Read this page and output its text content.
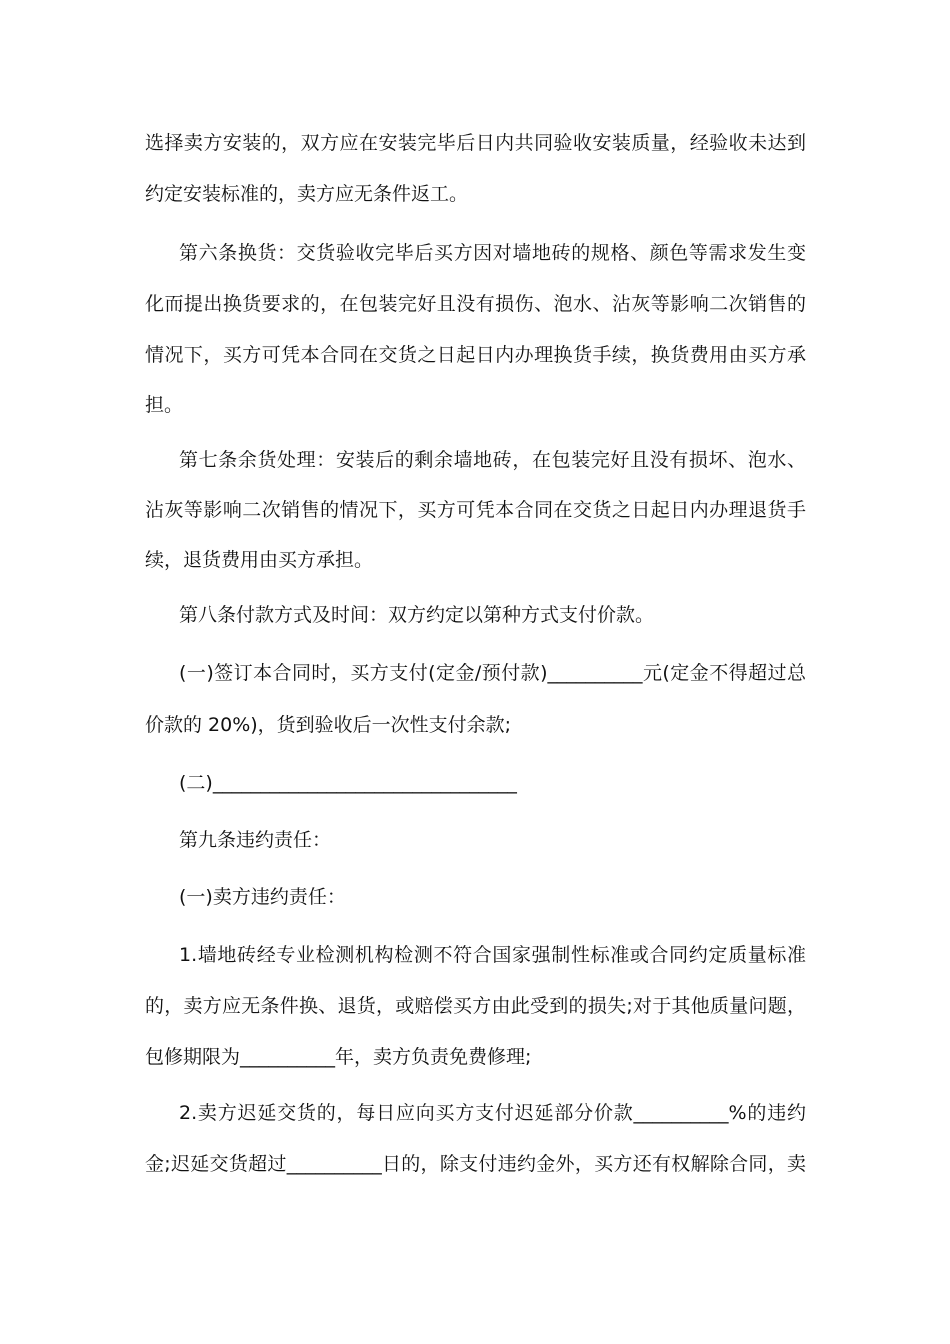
选择卖方安装的，双方应在安装完毕后日内共同验收安装质量，经验收未达到
约定安装标准的，卖方应无条件返工。
第六条换货：交货验收完毕后买方因对墙地砖的规格、颜色等需求发生变
化而提出换货要求的，在包装完好且没有损伤、泡水、沾灰等影响二次销售的
情况下，买方可凭本合同在交货之日起日内办理换货手续，换货费用由买方承
担。
第七条余货处理：安装后的剩余墙地砖，在包装完好且没有损坏、泡水、
沾灰等影响二次销售的情况下，买方可凭本合同在交货之日起日内办理退货手
续，退货费用由买方承担。
第八条付款方式及时间：双方约定以第种方式支付价款。
(一)签订本合同时，买方支付(定金/预付款)__________元(定金不得超过总
价款的 20%)，货到验收后一次性支付余款;
(二)________________________________
第九条违约责任：
(一)卖方违约责任：
1.墙地砖经专业检测机构检测不符合国家强制性标准或合同约定质量标准
的，卖方应无条件换、退货，或赔偿买方由此受到的损失;对于其他质量问题，
包修期限为__________年，卖方负责免费修理;
2.卖方迟延交货的，每日应向买方支付迟延部分价款__________%的违约
金;迟延交货超过__________日的，除支付违约金外，买方还有权解除合同，卖
